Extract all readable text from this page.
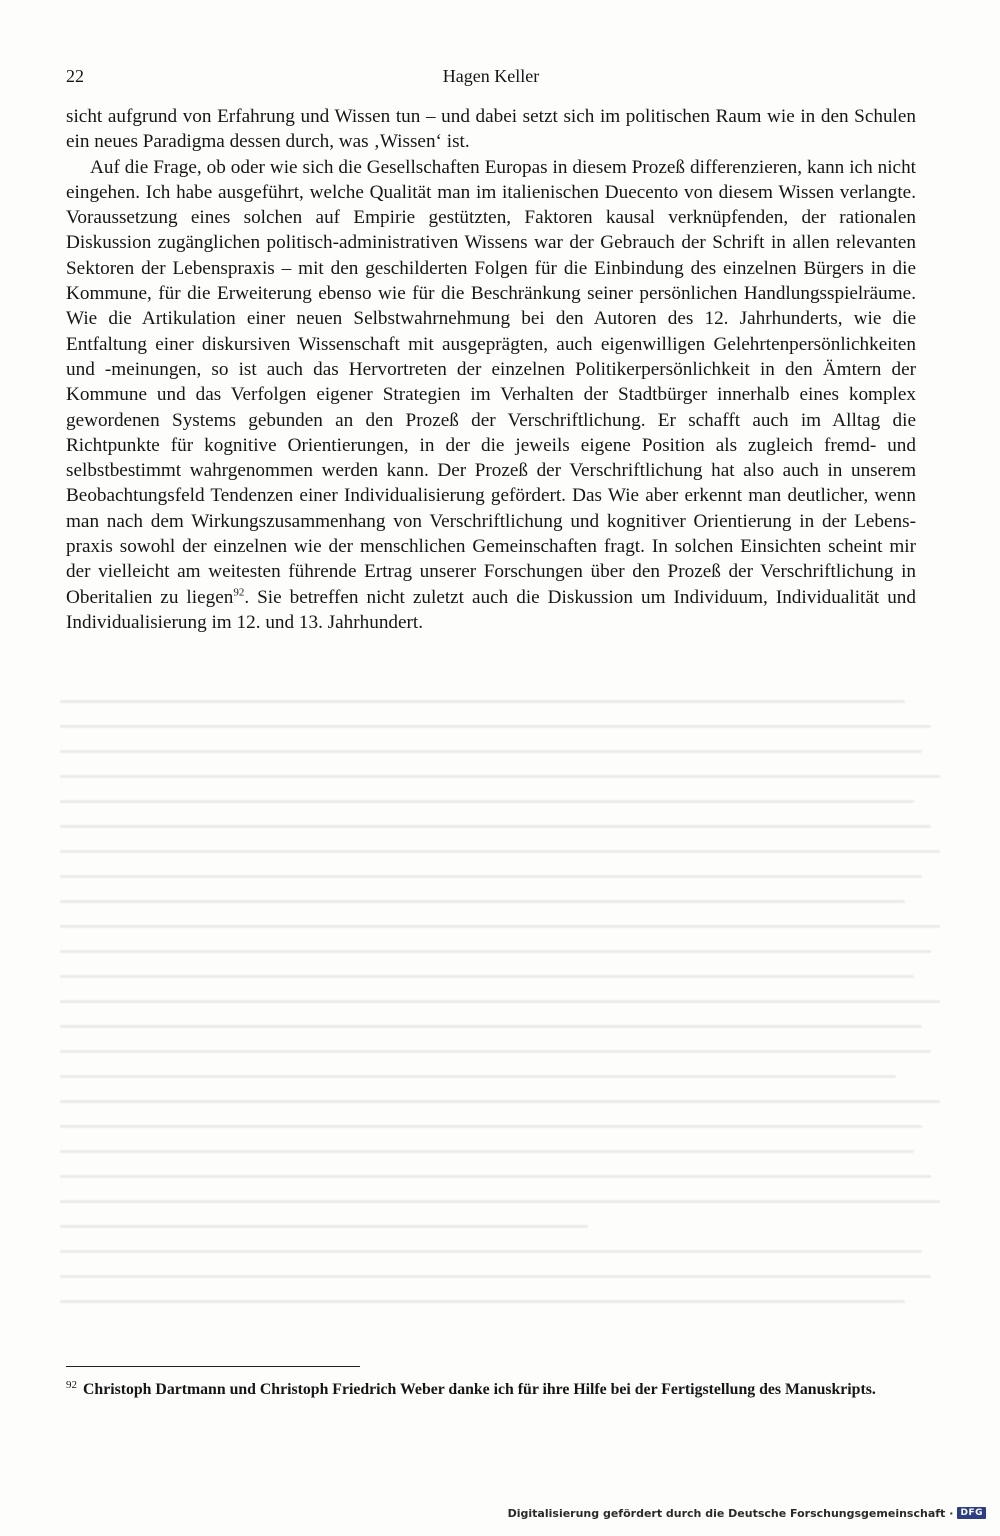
22	Hagen Keller

sicht aufgrund von Erfahrung und Wissen tun – und dabei setzt sich im politischen Raum wie in den Schulen ein neues Paradigma dessen durch, was ‚Wissen‘ ist.

Auf die Frage, ob oder wie sich die Gesellschaften Europas in diesem Prozeß differenzieren, kann ich nicht eingehen. Ich habe ausgeführt, welche Qualität man im italienischen Duecento von diesem Wissen verlangte. Voraussetzung eines solchen auf Empirie gestützten, Faktoren kausal verknüpfenden, der rationalen Diskussion zugänglichen politisch-administrativen Wissens war der Gebrauch der Schrift in allen relevanten Sektoren der Lebenspraxis – mit den geschilderten Folgen für die Einbindung des einzelnen Bürgers in die Kommune, für die Erweiterung ebenso wie für die Beschränkung seiner persönlichen Handlungsspielräume. Wie die Artikulation einer neuen Selbstwahrnehmung bei den Autoren des 12. Jahrhunderts, wie die Entfaltung einer diskursiven Wissenschaft mit ausgeprägten, auch eigenwilligen Gelehrtenpersönlichkeiten und -meinungen, so ist auch das Hervortreten der einzelnen Politikerpersönlichkeit in den Ämtern der Kommune und das Verfolgen eigener Strategien im Verhalten der Stadtbürger innerhalb eines komplex gewordenen Systems gebunden an den Prozeß der Verschriftlichung. Er schafft auch im Alltag die Richtpunkte für kognitive Orientierungen, in der die jeweils eigene Position als zugleich fremd- und selbstbestimmt wahrgenommen werden kann. Der Prozeß der Verschriftlichung hat also auch in unserem Beobachtungsfeld Tendenzen einer Individualisierung gefördert. Das Wie aber erkennt man deutlicher, wenn man nach dem Wirkungszusammenhang von Verschriftlichung und kognitiver Orientierung in der Lebenspraxis sowohl der einzelnen wie der menschlichen Gemeinschaften fragt. In solchen Einsichten scheint mir der vielleicht am weitesten führende Ertrag unserer Forschungen über den Prozeß der Verschriftlichung in Oberitalien zu liegen$^{92}$. Sie betreffen nicht zuletzt auch die Diskussion um Individuum, Individualität und Individualisierung im 12. und 13. Jahrhundert.

$^{92}$ Christoph Dartmann und Christoph Friedrich Weber danke ich für ihre Hilfe bei der Fertigstellung des Manuskripts.
Digitalisierung gefördert durch die Deutsche Forschungsgemeinschaft · DFG
